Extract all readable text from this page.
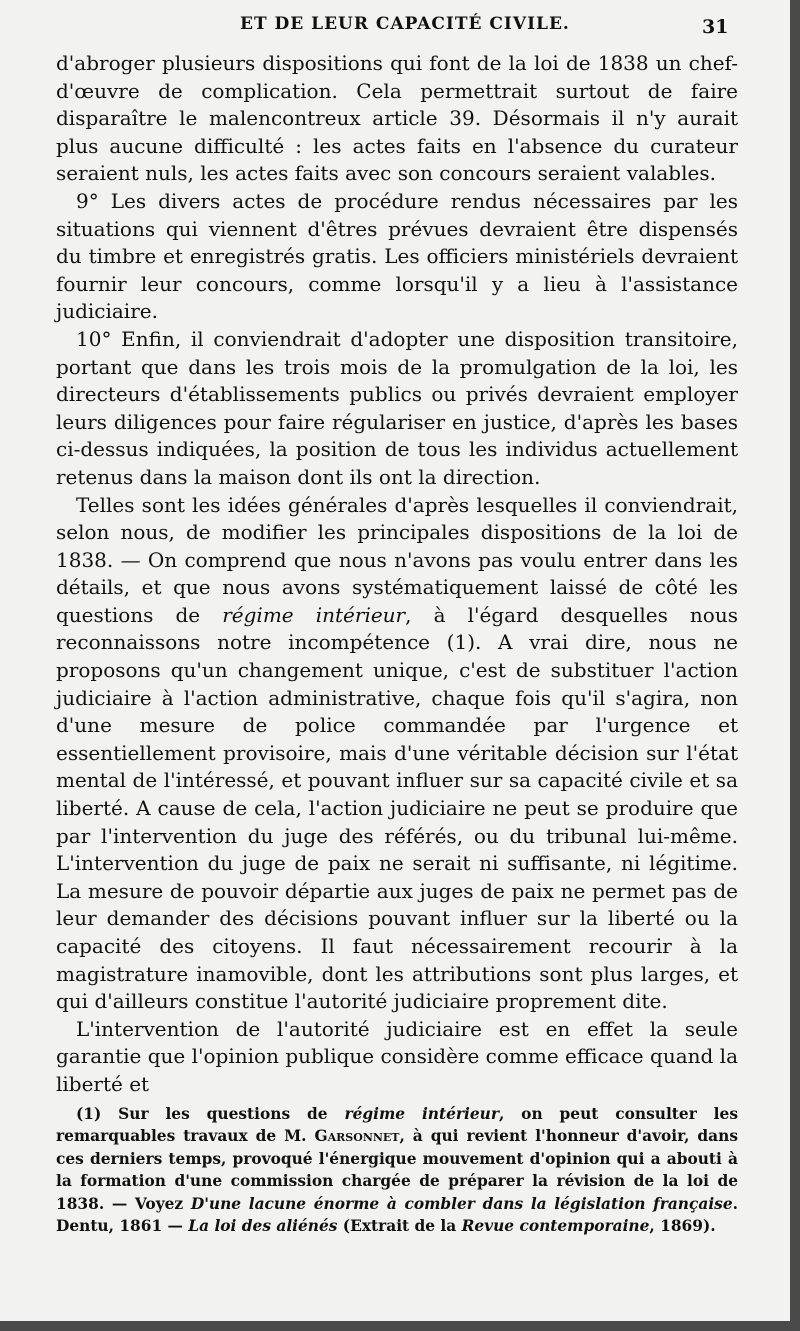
ET DE LEUR CAPACITÉ CIVILE.	31

d'abroger plusieurs dispositions qui font de la loi de 1838 un chef-d'œuvre de complication. Cela permettrait surtout de faire disparaître le malencontreux article 39. Désormais il n'y aurait plus aucune difficulté : les actes faits en l'absence du curateur seraient nuls, les actes faits avec son concours seraient valables.

9° Les divers actes de procédure rendus nécessaires par les situations qui viennent d'êtres prévues devraient être dispensés du timbre et enregistrés gratis. Les officiers ministériels devraient fournir leur concours, comme lorsqu'il y a lieu à l'assistance judiciaire.

10° Enfin, il conviendrait d'adopter une disposition transitoire, portant que dans les trois mois de la promulgation de la loi, les directeurs d'établissements publics ou privés devraient employer leurs diligences pour faire régulariser en justice, d'après les bases ci-dessus indiquées, la position de tous les individus actuellement retenus dans la maison dont ils ont la direction.

Telles sont les idées générales d'après lesquelles il conviendrait, selon nous, de modifier les principales dispositions de la loi de 1838. — On comprend que nous n'avons pas voulu entrer dans les détails, et que nous avons systématiquement laissé de côté les questions de régime intérieur, à l'égard desquelles nous reconnaissons notre incompétence (1). A vrai dire, nous ne proposons qu'un changement unique, c'est de substituer l'action judiciaire à l'action administrative, chaque fois qu'il s'agira, non d'une mesure de police commandée par l'urgence et essentiellement provisoire, mais d'une véritable décision sur l'état mental de l'intéressé, et pouvant influer sur sa capacité civile et sa liberté. A cause de cela, l'action judiciaire ne peut se produire que par l'intervention du juge des référés, ou du tribunal lui-même. L'intervention du juge de paix ne serait ni suffisante, ni légitime. La mesure de pouvoir départie aux juges de paix ne permet pas de leur demander des décisions pouvant influer sur la liberté ou la capacité des citoyens. Il faut nécessairement recourir à la magistrature inamovible, dont les attributions sont plus larges, et qui d'ailleurs constitue l'autorité judiciaire proprement dite.

L'intervention de l'autorité judiciaire est en effet la seule garantie que l'opinion publique considère comme efficace quand la liberté et

(1) Sur les questions de régime intérieur, on peut consulter les remarquables travaux de M. Garsonnet, à qui revient l'honneur d'avoir, dans ces derniers temps, provoqué l'énergique mouvement d'opinion qui a abouti à la formation d'une commission chargée de préparer la révision de la loi de 1838. — Voyez D'une lacune énorme à combler dans la législation française. Dentu, 1861 — La loi des aliénés (Extrait de la Revue contemporaine, 1869).
